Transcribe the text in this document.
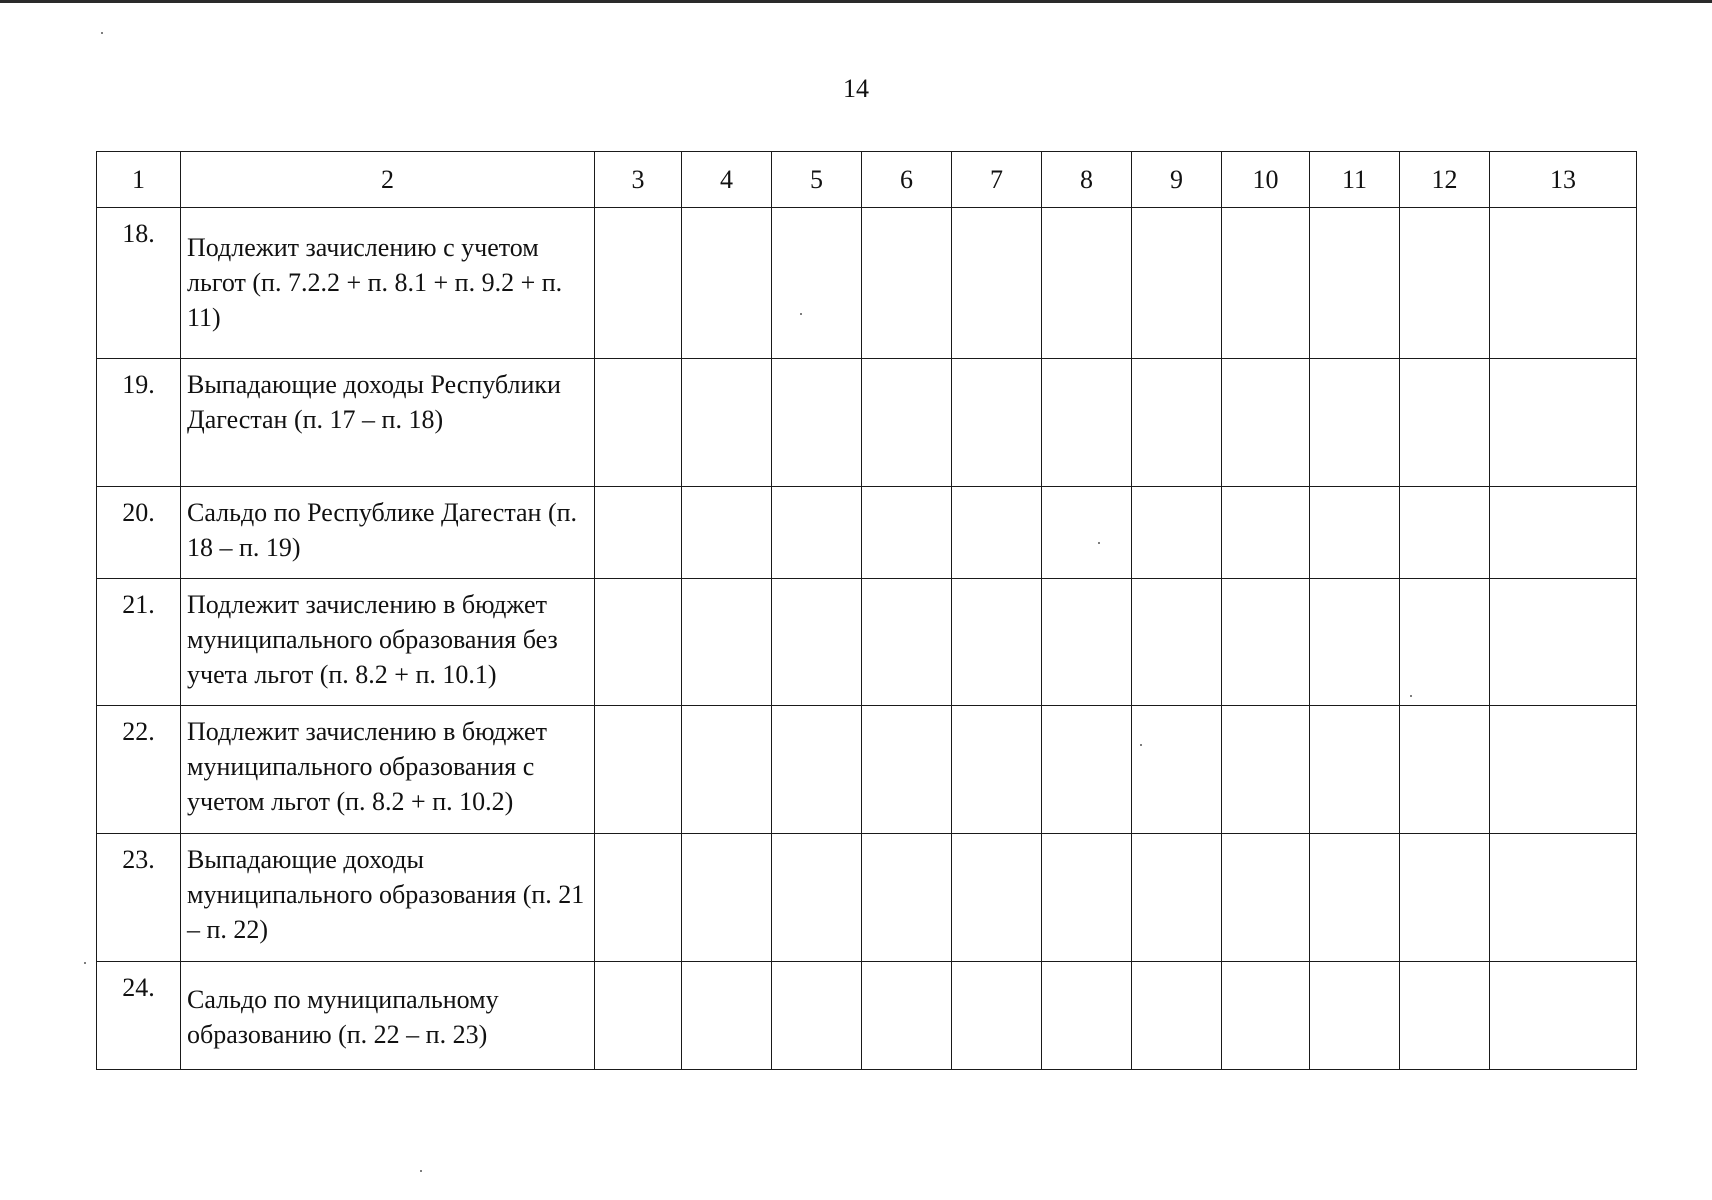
14
1	2	3	4	5	6	7	8	9	10	11	12	13
18.	Подлежит зачислению с учетом льгот (п. 7.2.2 + п. 8.1 + п. 9.2 + п. 11)											

19.	Выпадающие доходы Республики Дагестан (п. 17 – п. 18)											

20.	Сальдо по Республике Дагестан (п. 18 – п. 19)											

21.	Подлежит зачислению в бюджет муниципального образования без учета льгот (п. 8.2 + п. 10.1)											

22.	Подлежит зачислению в бюджет муниципального образования с учетом льгот (п. 8.2 + п. 10.2)											

23.	Выпадающие доходы муниципального образования (п. 21 – п. 22)											

24.	Сальдо по муниципальному образованию (п. 22 – п. 23)											
